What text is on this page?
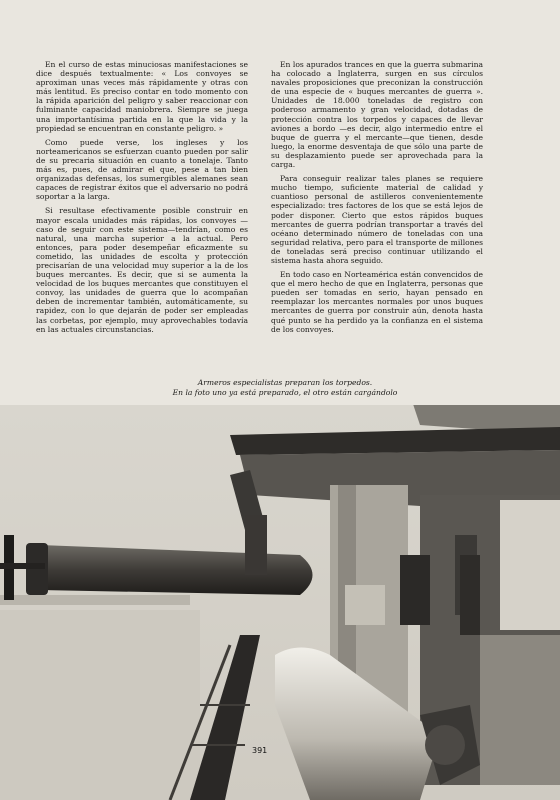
En el curso de estas minuciosas manifestaciones se dice después textualmente: « Los convoyes se aproximan unas veces más rápidamente y otras con más lentitud. Es preciso contar en todo momento con la rápida aparición del peligro y saber reaccionar con fulminante capacidad maniobrera. Siempre se juega una importantísima partida en la que la vida y la propiedad se encuentran en constante peligro. »

Como puede verse, los ingleses y los norteamericanos se esfuerzan cuanto pueden por salir de su precaria situación en cuanto a tonelaje. Tanto más es, pues, de admirar el que, pese a tan bien organizadas defensas, los sumergibles alemanes sean capaces de registrar éxitos que el adversario no podrá soportar a la larga.

Si resultase efectivamente posible construir en mayor escala unidades más rápidas, los convoyes — caso de seguir con este sistema—tendrían, como es natural, una marcha superior a la actual. Pero entonces, para poder desempeñar eficazmente su cometido, las unidades de escolta y protección precisarían de una velocidad muy superior a la de los buques mercantes. Es decir, que si se aumenta la velocidad de los buques mercantes que constituyen el convoy, las unidades de guerra que lo acompañan deben de incrementar también, automáticamente, su rapidez, con lo que dejarán de poder ser empleadas las corbetas, por ejemplo, muy aprovechables todavía en las actuales circunstancias.

En los apurados trances en que la guerra submarina ha colocado a Inglaterra, surgen en sus círculos navales proposiciones que preconizan la construcción de una especie de « buques mercantes de guerra ». Unidades de 18.000 toneladas de registro con poderoso armamento y gran velocidad, dotadas de protección contra los torpedos y capaces de llevar aviones a bordo —es decir, algo intermedio entre el buque de guerra y el mercante—que tienen, desde luego, la enorme desventaja de que sólo una parte de su desplazamiento puede ser aprovechada para la carga.

Para conseguir realizar tales planes se requiere mucho tiempo, suficiente material de calidad y cuantioso personal de astilleros convenientemente especializado: tres factores de los que se está lejos de poder disponer. Cierto que estos rápidos buques mercantes de guerra podrían transportar a través del océano determinado número de toneladas con una seguridad relativa, pero para el transporte de millones de toneladas será preciso continuar utilizando el sistema hasta ahora seguido.

En todo caso en Norteamérica están convencidos de que el mero hecho de que en Inglaterra, personas que pueden ser tomadas en serio, hayan pensado en reemplazar los mercantes normales por unos buques mercantes de guerra por construir aún, denota hasta qué punto se ha perdido ya la confianza en el sistema de los convoyes.

Armeros especialistas preparan los torpedos.
En la foto uno ya está preparado, el otro están cargándolo
391
